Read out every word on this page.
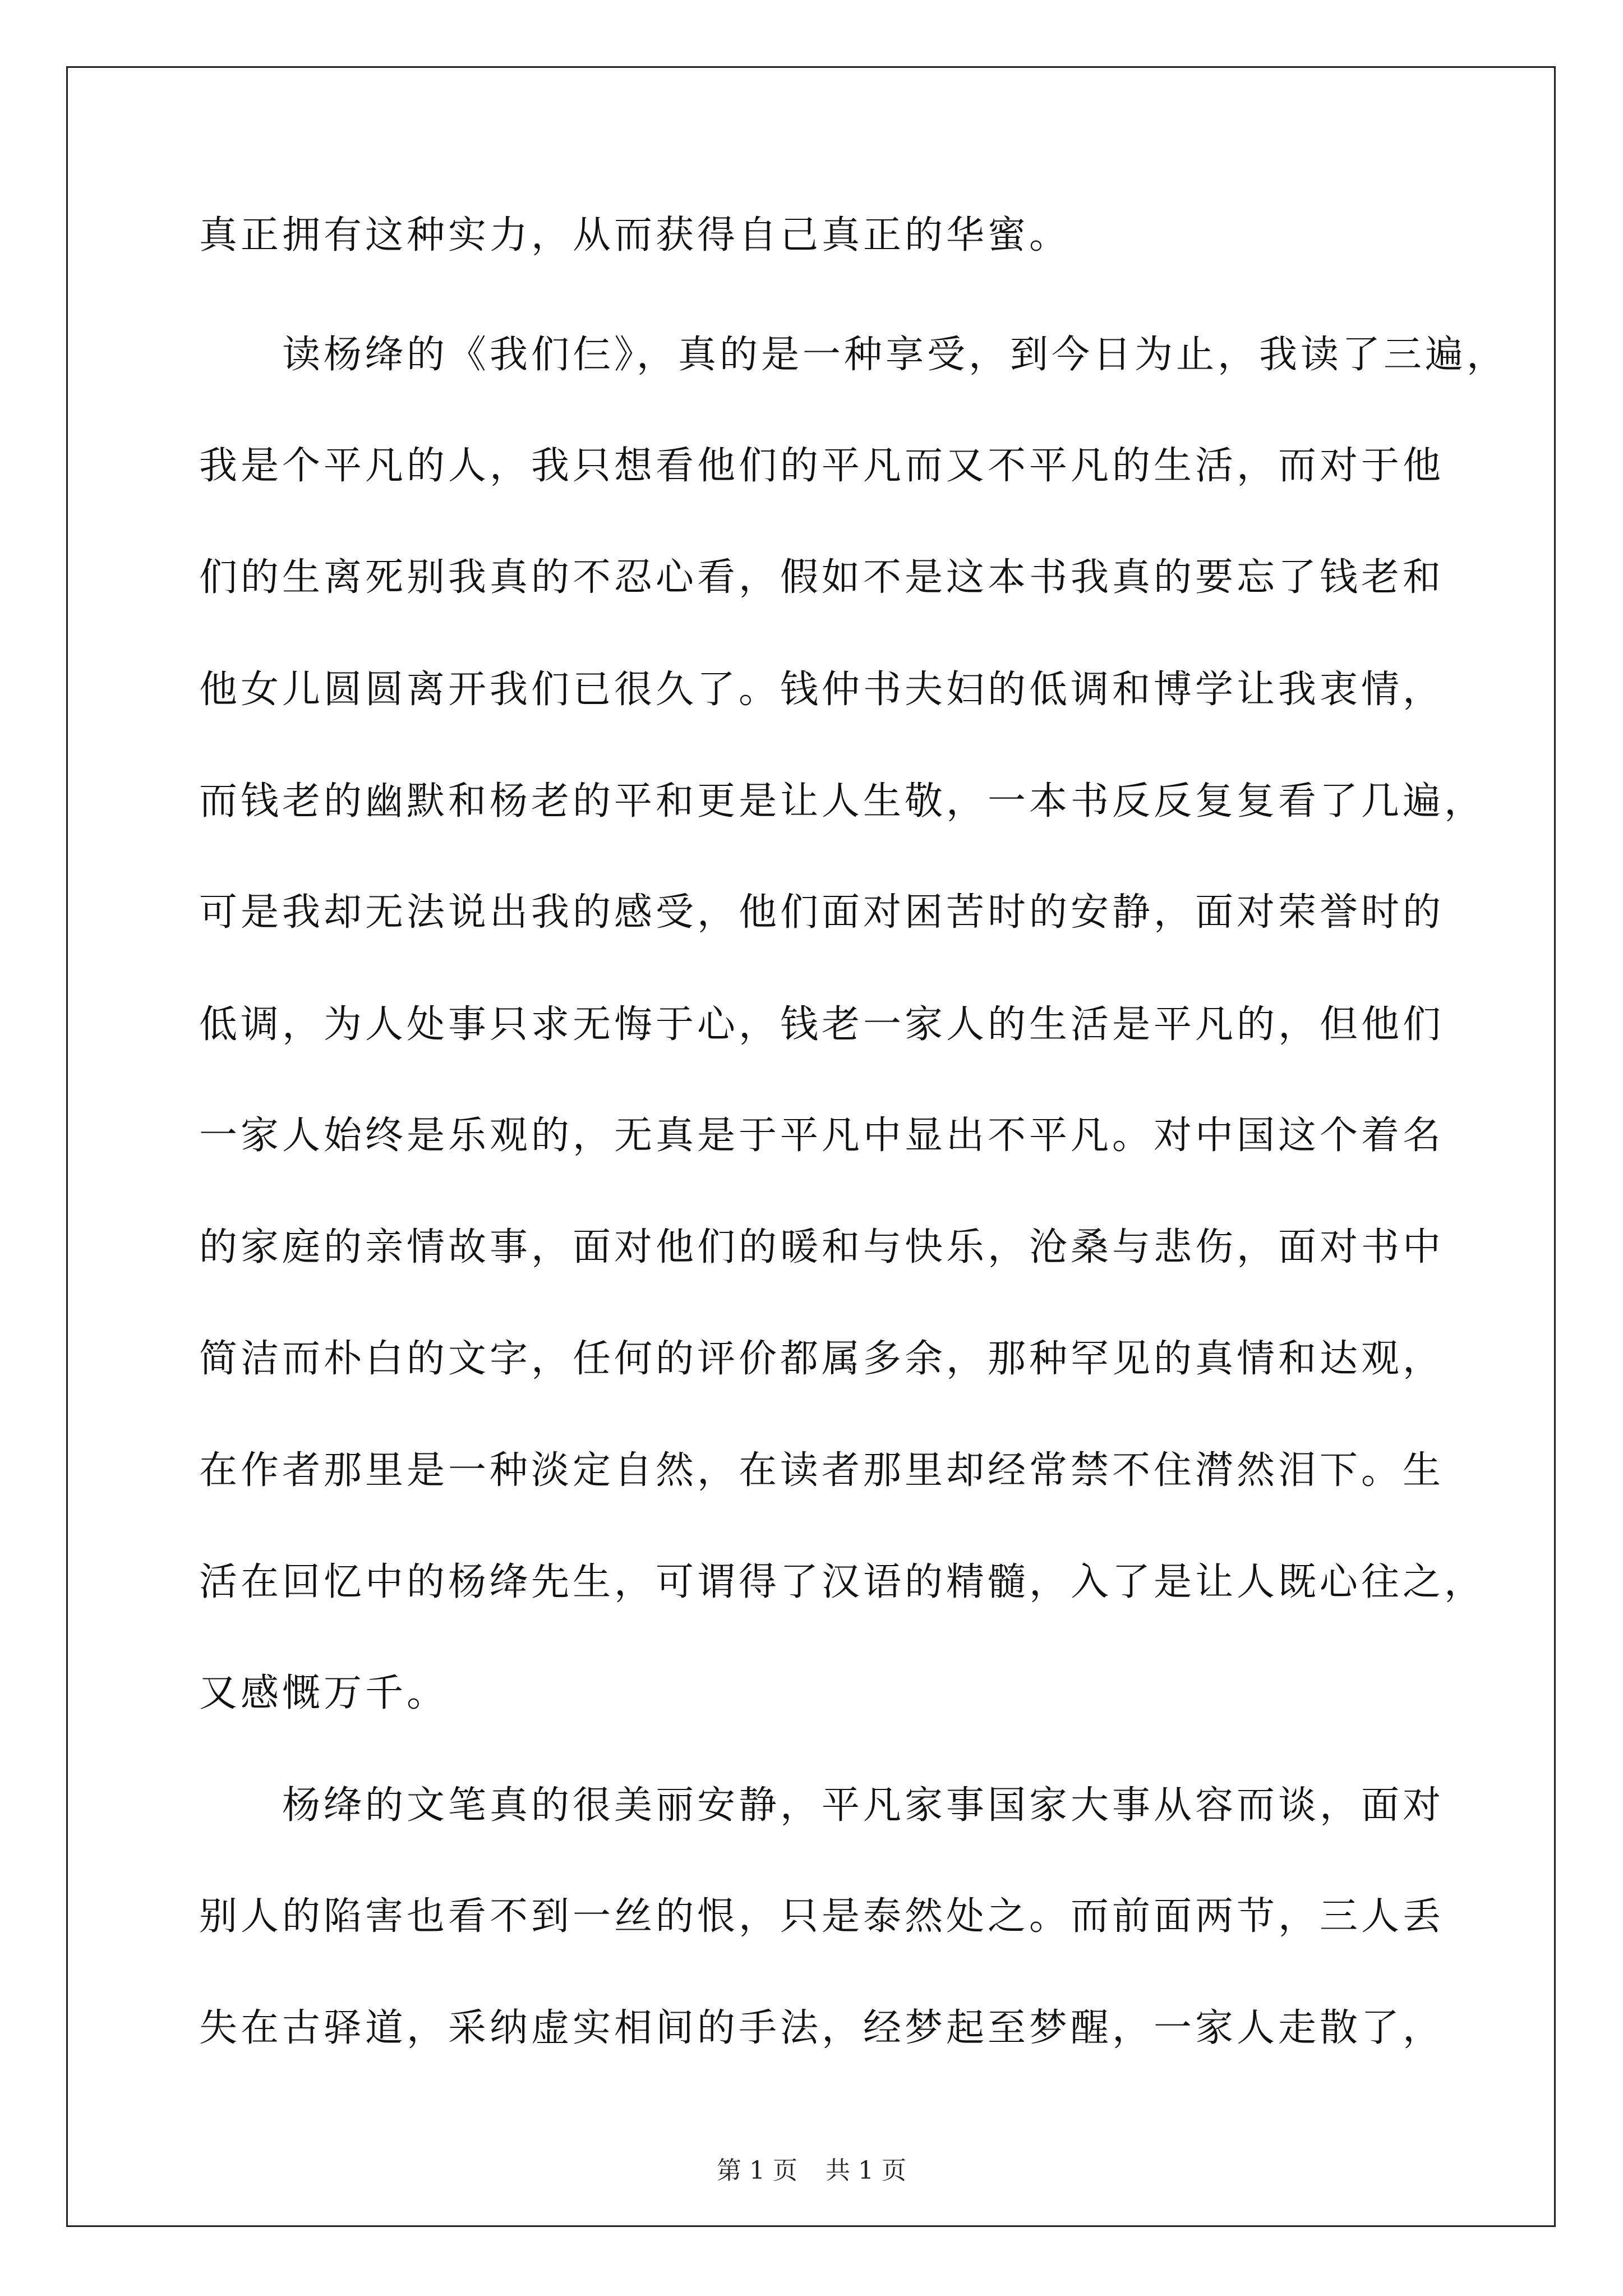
真正拥有这种实力，从而获得自己真正的华蜜。
　　读杨绛的《我们仨》，真的是一种享受，到今日为止，我读了三遍，
我是个平凡的人，我只想看他们的平凡而又不平凡的生活，而对于他
们的生离死别我真的不忍心看，假如不是这本书我真的要忘了钱老和
他女儿圆圆离开我们已很久了。钱仲书夫妇的低调和博学让我衷情，
而钱老的幽默和杨老的平和更是让人生敬，一本书反反复复看了几遍，
可是我却无法说出我的感受，他们面对困苦时的安静，面对荣誉时的
低调，为人处事只求无悔于心，钱老一家人的生活是平凡的，但他们
一家人始终是乐观的，无真是于平凡中显出不平凡。对中国这个着名
的家庭的亲情故事，面对他们的暖和与快乐，沧桑与悲伤，面对书中
简洁而朴白的文字，任何的评价都属多余，那种罕见的真情和达观，
在作者那里是一种淡定自然，在读者那里却经常禁不住潸然泪下。生
活在回忆中的杨绛先生，可谓得了汉语的精髓，入了是让人既心往之，
又感慨万千。
　　杨绛的文笔真的很美丽安静，平凡家事国家大事从容而谈，面对
别人的陷害也看不到一丝的恨，只是泰然处之。而前面两节，三人丢
失在古驿道，采纳虚实相间的手法，经梦起至梦醒，一家人走散了，
第 1 页 共 1 页
